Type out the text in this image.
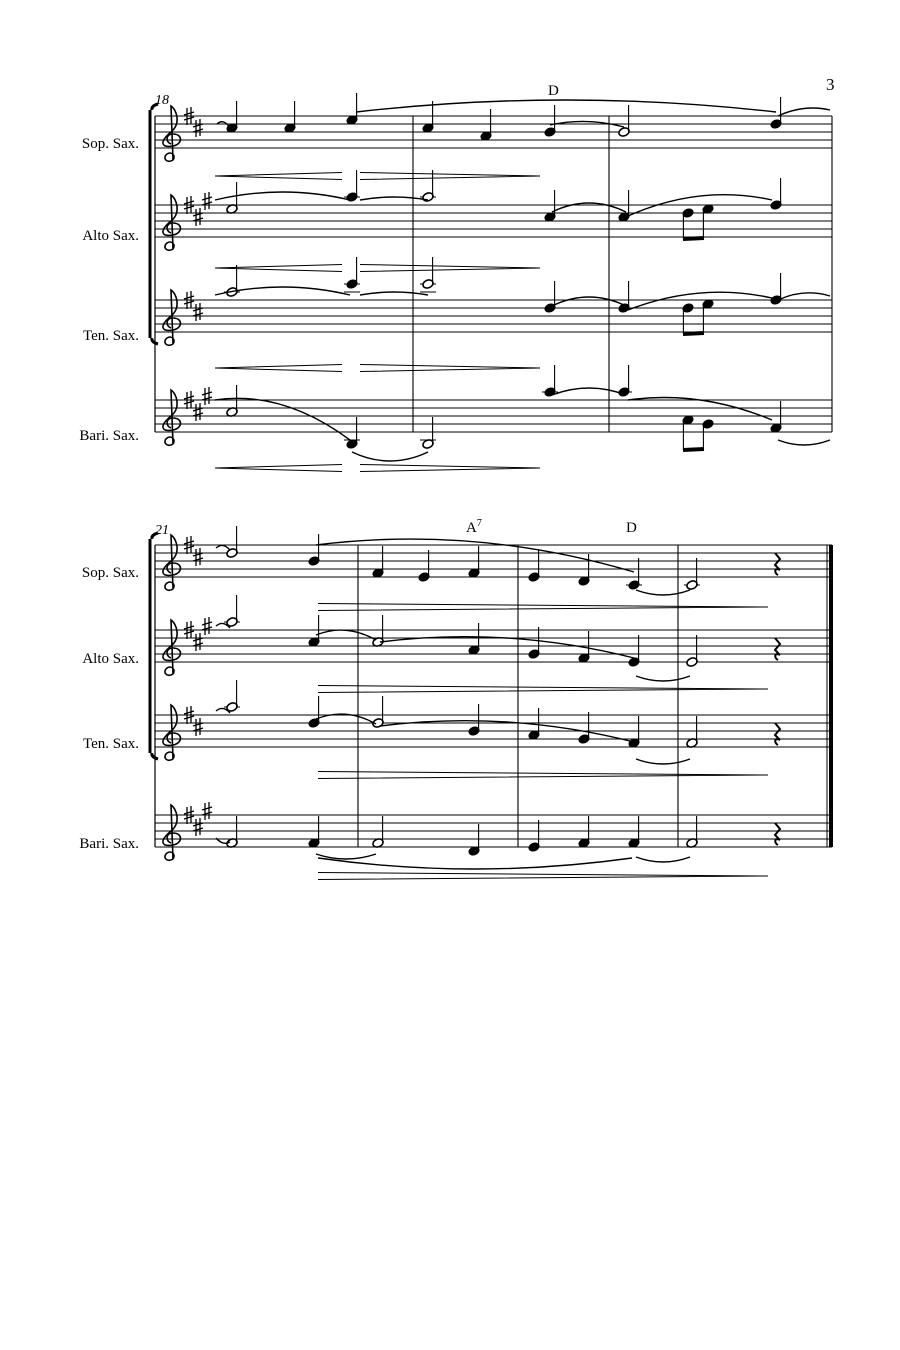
3
18
D
Sop. Sax.
Alto Sax.
Ten. Sax.
Bari. Sax.
21	$A^7$	D
Sop. Sax.
Alto Sax.
Ten. Sax.
Bari. Sax.
